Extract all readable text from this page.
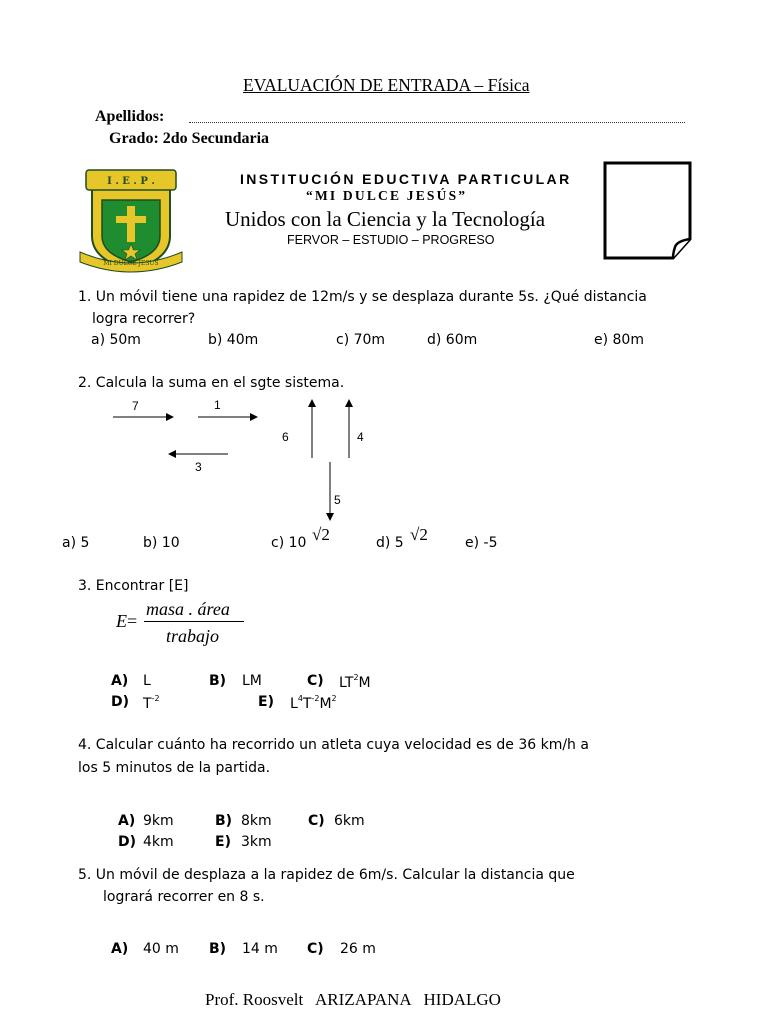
EVALUACIÓN DE ENTRADA – Física
Apellidos:
Grado: 2do Secundaria
I . E . P .
MI DULCE JESUS
INSTITUCIÓN EDUCTIVA PARTICULAR
“MI DULCE JESÚS”
Unidos con la Ciencia y la Tecnología
FERVOR – ESTUDIO – PROGRESO
1. Un móvil tiene una rapidez de 12m/s y se desplaza durante 5s. ¿Qué distancia
logra recorrer?
a) 50m	b) 40m	c) 70m	d) 60m	e) 80m
2. Calcula la suma en el sgte sistema.
7	1
3
6	4
5
a) 5	b) 10	c) 10 √2	d) 5 √2	e) -5
3. Encontrar [E]
E=
masa . área
trabajo
A) L	B) LM	C) $LT^2M$
D) $T^{-2}$	E) $L^4T^{-2}M^2$
4. Calcular cuánto ha recorrido un atleta cuya velocidad es de 36 km/h a
los 5 minutos de la partida.
A) 9km	B) 8km	C) 6km
D) 4km	E) 3km
5. Un móvil de desplaza a la rapidez de 6m/s. Calcular la distancia que
logrará recorrer en 8 s.
A) 40 m B) 14 m C) 26 m
Prof. Roosvelt   ARIZAPANA   HIDALGO
